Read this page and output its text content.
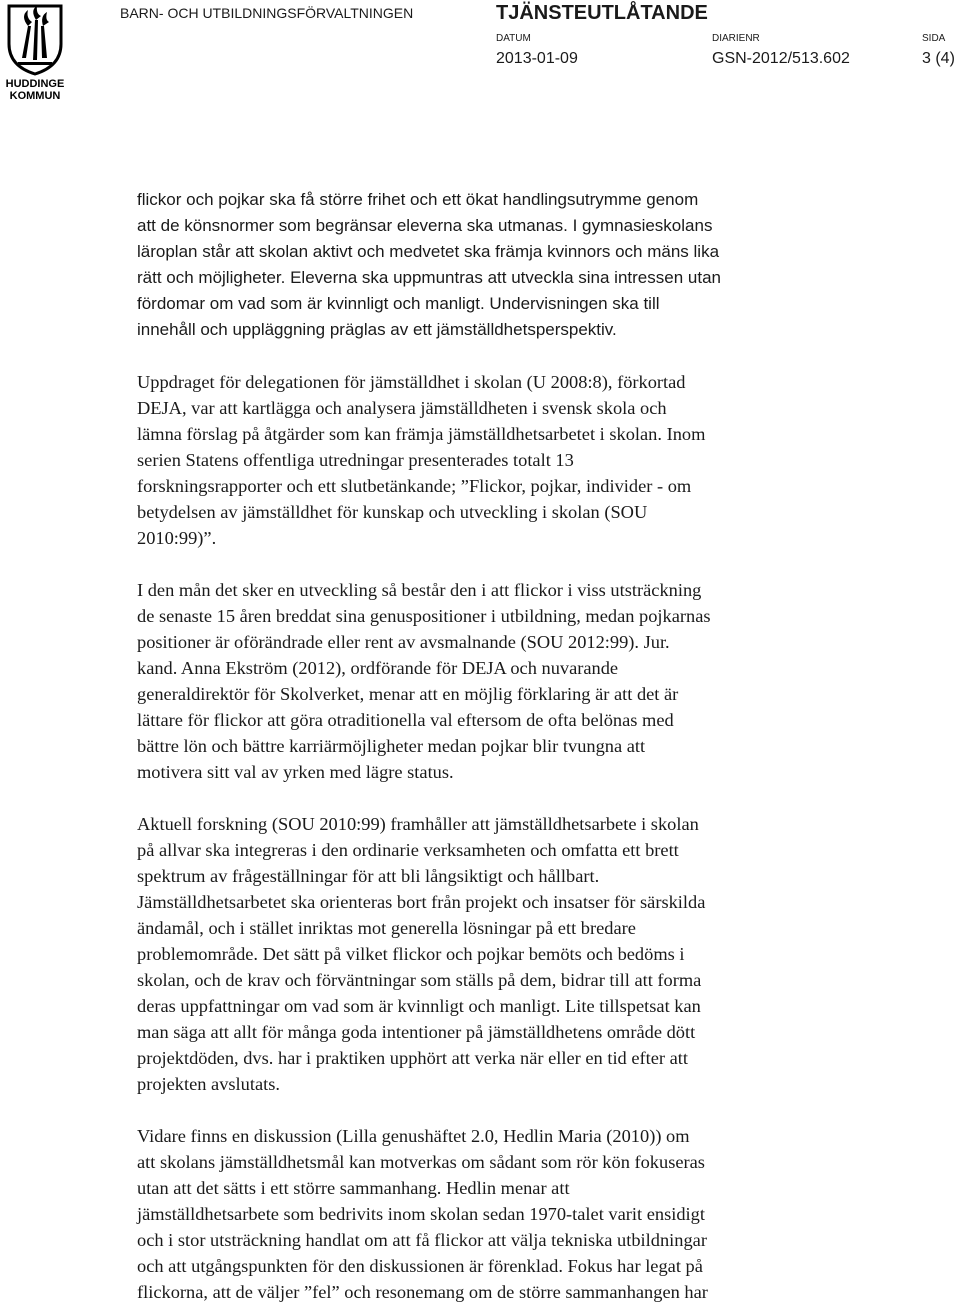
HUDDINGE
KOMMUN
BARN- OCH UTBILDNINGSFÖRVALTNINGEN	TJÄNSTEUTLÅTANDE
DATUM
2013-01-09
DIARIENR
GSN-2012/513.602
SIDA
3 (4)

flickor och pojkar ska få större frihet och ett ökat handlingsutrymme genom
att de könsnormer som begränsar eleverna ska utmanas. I gymnasieskolans
läroplan står att skolan aktivt och medvetet ska främja kvinnors och mäns lika
rätt och möjligheter. Eleverna ska uppmuntras att utveckla sina intressen utan
fördomar om vad som är kvinnligt och manligt. Undervisningen ska till
innehåll och uppläggning präglas av ett jämställdhetsperspektiv.

Uppdraget för delegationen för jämställdhet i skolan (U 2008:8), förkortad
DEJA, var att kartlägga och analysera jämställdheten i svensk skola och
lämna förslag på åtgärder som kan främja jämställdhetsarbetet i skolan. Inom
serien Statens offentliga utredningar presenterades totalt 13
forskningsrapporter och ett slutbetänkande; ”Flickor, pojkar, individer - om
betydelsen av jämställdhet för kunskap och utveckling i skolan (SOU
2010:99)”.

I den mån det sker en utveckling så består den i att flickor i viss utsträckning
de senaste 15 åren breddat sina genuspositioner i utbildning, medan pojkarnas
positioner är oförändrade eller rent av avsmalnande (SOU 2012:99). Jur.
kand. Anna Ekström (2012), ordförande för DEJA och nuvarande
generaldirektör för Skolverket, menar att en möjlig förklaring är att det är
lättare för flickor att göra otraditionella val eftersom de ofta belönas med
bättre lön och bättre karriärmöjligheter medan pojkar blir tvungna att
motivera sitt val av yrken med lägre status.

Aktuell forskning (SOU 2010:99) framhåller att jämställdhetsarbete i skolan
på allvar ska integreras i den ordinarie verksamheten och omfatta ett brett
spektrum av frågeställningar för att bli långsiktigt och hållbart.
Jämställdhetsarbetet ska orienteras bort från projekt och insatser för särskilda
ändamål, och i stället inriktas mot generella lösningar på ett bredare
problemområde. Det sätt på vilket flickor och pojkar bemöts och bedöms i
skolan, och de krav och förväntningar som ställs på dem, bidrar till att forma
deras uppfattningar om vad som är kvinnligt och manligt. Lite tillspetsat kan
man säga att allt för många goda intentioner på jämställdhetens område dött
projektdöden, dvs. har i praktiken upphört att verka när eller en tid efter att
projekten avslutats.

Vidare finns en diskussion (Lilla genushäftet 2.0, Hedlin Maria (2010)) om
att skolans jämställdhetsmål kan motverkas om sådant som rör kön fokuseras
utan att det sätts i ett större sammanhang. Hedlin menar att
jämställdhetsarbete som bedrivits inom skolan sedan 1970-talet varit ensidigt
och i stor utsträckning handlat om att få flickor att välja tekniska utbildningar
och att utgångspunkten för den diskussionen är förenklad. Fokus har legat på
flickorna, att de väljer ”fel” och resonemang om de större sammanhangen har
